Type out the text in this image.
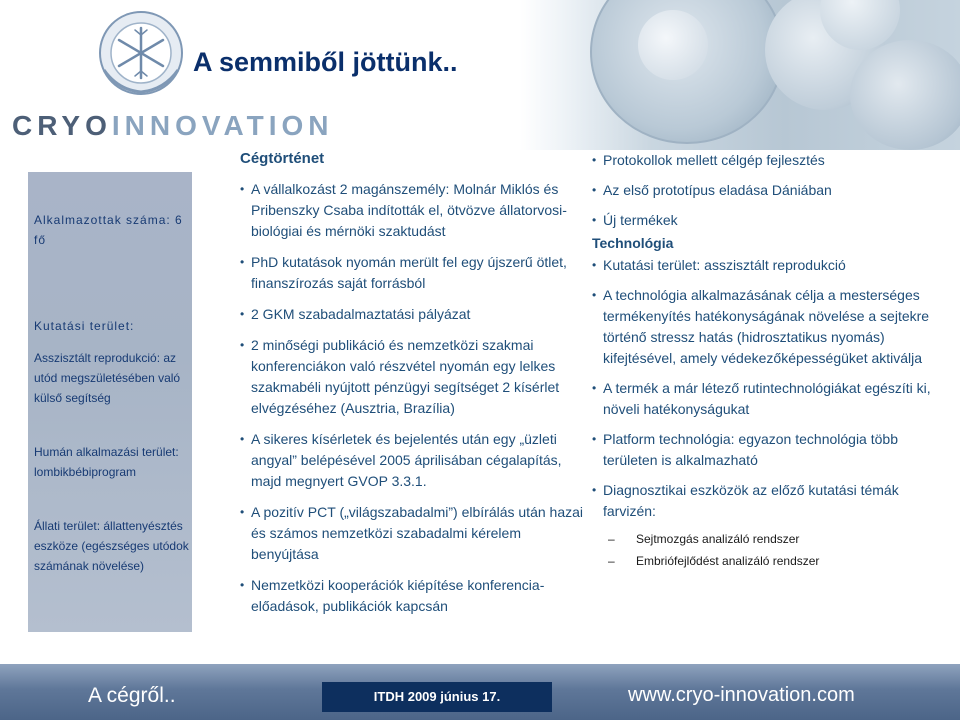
A semmiből jöttünk..
CRYOINNOVATION
Alkalmazottak száma: 6 fő
Kutatási terület:
Asszisztált reprodukció: az utód megszületésében való külső segítség
Humán alkalmazási terület: lombikbébiprogram
Állati terület: állattenyésztés eszköze (egészséges utódok számának növelése)

Cégtörténet

• A vállalkozást 2 magánszemély: Molnár Miklós és Pribenszky Csaba indították el, ötvözve állatorvosi-biológiai és mérnöki szaktudást
• PhD kutatások nyomán merült fel egy újszerű ötlet, finanszírozás saját forrásból
• 2 GKM szabadalmaztatási pályázat
• 2 minőségi publikáció és nemzetközi szakmai konferenciákon való részvétel nyomán egy lelkes szakmabéli nyújtott pénzügyi segítséget 2 kísérlet elvégzéséhez (Ausztria, Brazília)
• A sikeres kísérletek és bejelentés után egy „üzleti angyal” belépésével 2005 áprilisában cégalapítás, majd megnyert GVOP 3.3.1.
• A pozitív PCT („világszabadalmi”) elbírálás után hazai és számos nemzetközi szabadalmi kérelem benyújtása
• Nemzetközi kooperációk kiépítése konferencia-előadások, publikációk kapcsán
• Protokollok mellett célgép fejlesztés
• Az első prototípus eladása Dániában
• Új termékek

Technológia

• Kutatási terület: asszisztált reprodukció
• A technológia alkalmazásának célja a mesterséges termékenyítés hatékonyságának növelése a sejtekre történő stressz hatás (hidrosztatikus nyomás) kifejtésével, amely védekezőképességüket aktiválja
• A termék a már létező rutintechnológiákat egészíti ki, növeli hatékonyságukat
• Platform technológia: egyazon technológia több területen is alkalmazható
• Diagnosztikai eszközök az előző kutatási témák farvizén:
– Sejtmozgás analizáló rendszer
– Embriófejlődést analizáló rendszer
A cégről..	ITDH 2009 június 17.	www.cryo-innovation.com
